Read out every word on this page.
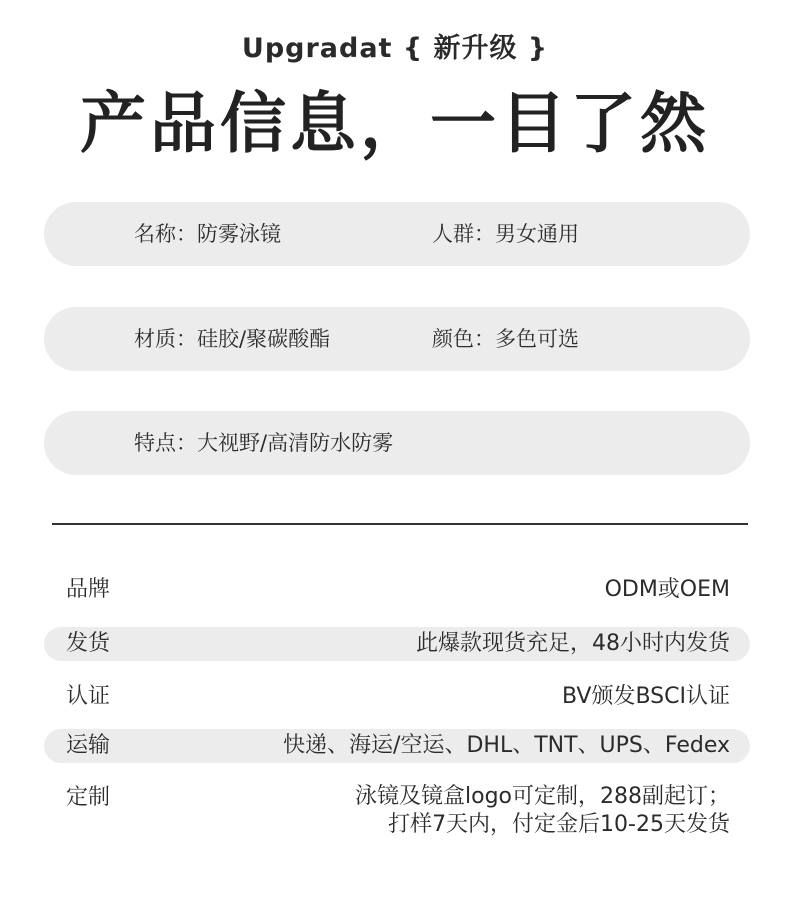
Upgradat { 新升级 }
产品信息，一目了然
名称：防雾泳镜	人群：男女通用
材质：硅胶/聚碳酸酯	颜色：多色可选
特点：大视野/高清防水防雾
品牌	ODM或OEM
发货	此爆款现货充足，48小时内发货
认证	BV颁发BSCI认证
运输	快递、海运/空运、DHL、TNT、UPS、Fedex
定制	泳镜及镜盒logo可定制，288副起订；
打样7天内，付定金后10-25天发货
